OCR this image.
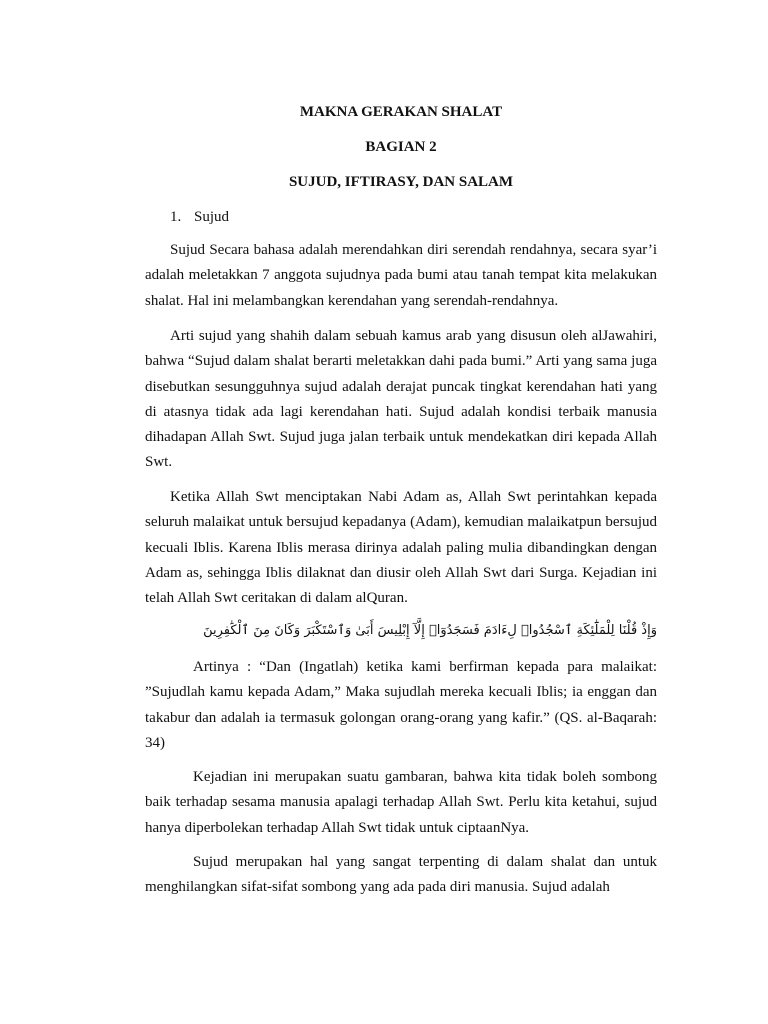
MAKNA GERAKAN SHALAT
BAGIAN 2
SUJUD, IFTIRASY, DAN SALAM
1. Sujud

Sujud Secara bahasa adalah merendahkan diri serendah rendahnya, secara syar’i adalah meletakkan 7 anggota sujudnya pada bumi atau tanah tempat kita melakukan shalat. Hal ini melambangkan kerendahan yang serendah-rendahnya.

Arti sujud yang shahih dalam sebuah kamus arab yang disusun oleh alJawahiri, bahwa “Sujud dalam shalat berarti meletakkan dahi pada bumi.” Arti yang sama juga disebutkan sesungguhnya sujud adalah derajat puncak tingkat kerendahan hati yang di atasnya tidak ada lagi kerendahan hati. Sujud adalah kondisi terbaik manusia dihadapan Allah Swt. Sujud juga jalan terbaik untuk mendekatkan diri kepada Allah Swt.

Ketika Allah Swt menciptakan Nabi Adam as, Allah Swt perintahkan kepada seluruh malaikat untuk bersujud kepadanya (Adam), kemudian malaikatpun bersujud kecuali Iblis. Karena Iblis merasa dirinya adalah paling mulia dibandingkan dengan Adam as, sehingga Iblis dilaknat dan diusir oleh Allah Swt dari Surga. Kejadian ini telah Allah Swt ceritakan di dalam alQuran.

وَإِذْ قُلْنَا لِلْمَلَٰٓئِكَةِ ٱسْجُدُوا۟ لِءَادَمَ فَسَجَدُوٓا۟ إِلَّآ إِبْلِيسَ أَبَىٰ وَٱسْتَكْبَرَ وَكَانَ مِنَ ٱلْكَٰفِرِينَ

Artinya : “Dan (Ingatlah) ketika kami berfirman kepada para malaikat: ”Sujudlah kamu kepada Adam,” Maka sujudlah mereka kecuali Iblis; ia enggan dan takabur dan adalah ia termasuk golongan orang-orang yang kafir.” (QS. al-Baqarah: 34)

Kejadian ini merupakan suatu gambaran, bahwa kita tidak boleh sombong baik terhadap sesama manusia apalagi terhadap Allah Swt. Perlu kita ketahui, sujud hanya diperbolekan terhadap Allah Swt tidak untuk ciptaanNya.

Sujud merupakan hal yang sangat terpenting di dalam shalat dan untuk menghilangkan sifat-sifat sombong yang ada pada diri manusia. Sujud adalah
